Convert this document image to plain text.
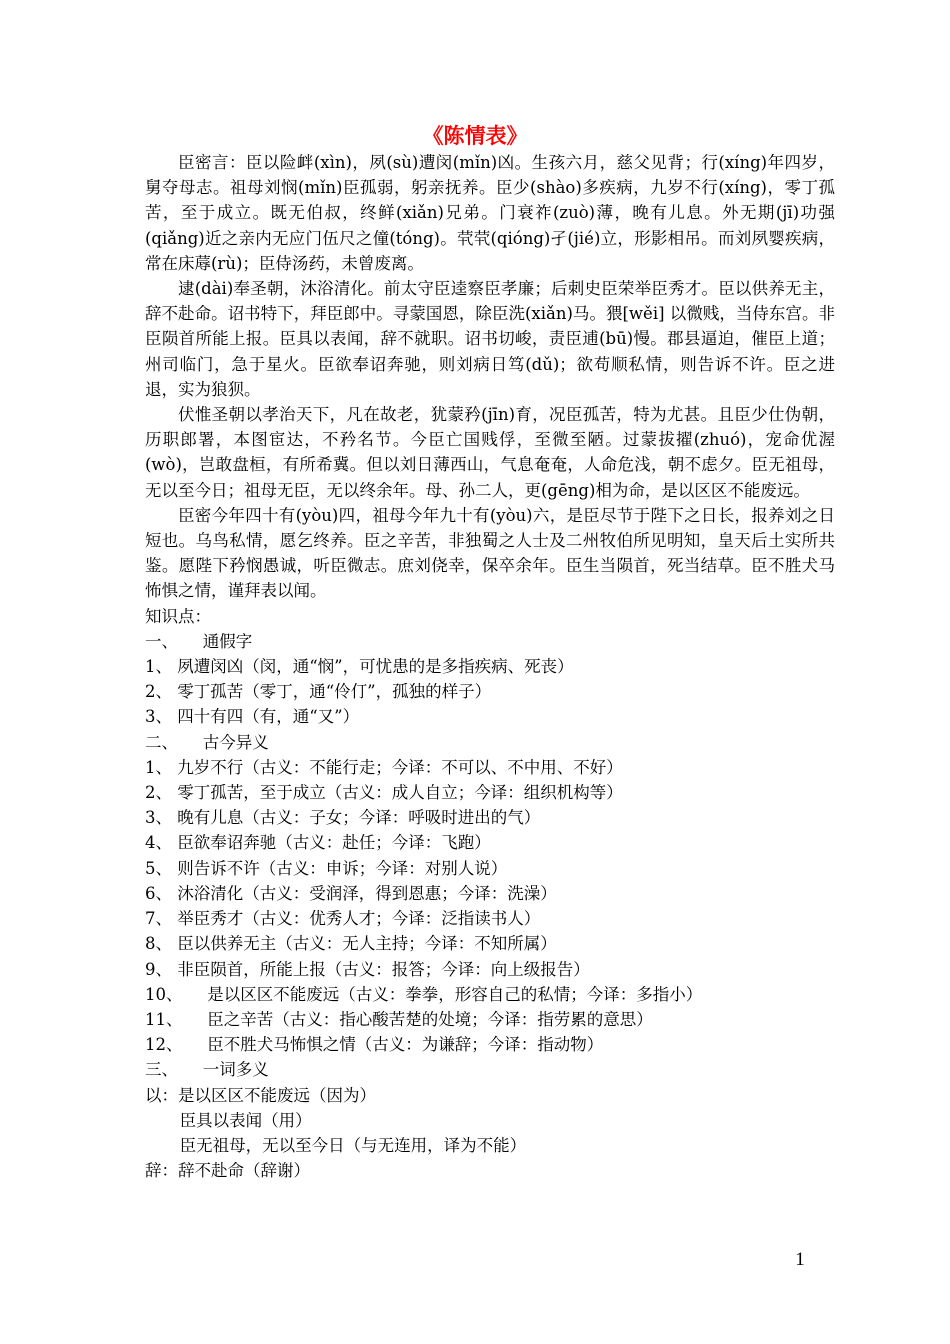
《陈情表》

臣密言：臣以险衅(xìn)，夙(sù)遭闵(mǐn)凶。生孩六月，慈父见背；行(xíng)年四岁，舅夺母志。祖母刘悯(mǐn)臣孤弱，躬亲抚养。臣少(shào)多疾病，九岁不行(xíng)，零丁孤苦，至于成立。既无伯叔，终鲜(xiǎn)兄弟。门衰祚(zuò)薄，晚有儿息。外无期(jī)功强(qiǎng)近之亲内无应门伍尺之僮(tóng)。茕茕(qióng)孑(jié)立，形影相吊。而刘夙婴疾病，常在床蓐(rù)；臣侍汤药，未曾废离。

逮(dài)奉圣朝，沐浴清化。前太守臣逵察臣孝廉；后刺史臣荣举臣秀才。臣以供养无主，辞不赴命。诏书特下，拜臣郎中。寻蒙国恩，除臣洗(xiǎn)马。猥[wěi] 以微贱，当侍东宫。非臣陨首所能上报。臣具以表闻，辞不就职。诏书切峻，责臣逋(bū)慢。郡县逼迫，催臣上道；州司临门，急于星火。臣欲奉诏奔驰，则刘病日笃(dǔ)；欲苟顺私情，则告诉不许。臣之进退，实为狼狈。

伏惟圣朝以孝治天下，凡在故老，犹蒙矜(jīn)育，况臣孤苦，特为尤甚。且臣少仕伪朝，历职郎署，本图宦达，不矜名节。今臣亡国贱俘，至微至陋。过蒙拔擢(zhuó)，宠命优渥(wò)，岂敢盘桓，有所希冀。但以刘日薄西山，气息奄奄，人命危浅，朝不虑夕。臣无祖母，无以至今日；祖母无臣，无以终余年。母、孙二人，更(gēng)相为命，是以区区不能废远。

臣密今年四十有(yòu)四，祖母今年九十有(yòu)六，是臣尽节于陛下之日长，报养刘之日短也。乌鸟私情，愿乞终养。臣之辛苦，非独蜀之人士及二州牧伯所见明知，皇天后土实所共鉴。愿陛下矜悯愚诚，听臣微志。庶刘侥幸，保卒余年。臣生当陨首，死当结草。臣不胜犬马怖惧之情，谨拜表以闻。

知识点：

一、　　通假字

1、 夙遭闵凶（闵，通“悯”，可忧患的是多指疾病、死丧）

2、 零丁孤苦（零丁，通“伶仃”，孤独的样子）

3、 四十有四（有，通“又”）

二、　　古今异义

1、 九岁不行（古义：不能行走；今译：不可以、不中用、不好）

2、 零丁孤苦，至于成立（古义：成人自立；今译：组织机构等）

3、 晚有儿息（古义：子女；今译：呼吸时进出的气）

4、 臣欲奉诏奔驰（古义：赴任；今译：飞跑）

5、 则告诉不许（古义：申诉；今译：对别人说）

6、 沐浴清化（古义：受润泽，得到恩惠；今译：洗澡）

7、 举臣秀才（古义：优秀人才；今译：泛指读书人）

8、 臣以供养无主（古义：无人主持；今译：不知所属）

9、 非臣陨首，所能上报（古义：报答；今译：向上级报告）

10、　　是以区区不能废远（古义：拳拳，形容自己的私情；今译：多指小）

11、　　臣之辛苦（古义：指心酸苦楚的处境；今译：指劳累的意思）

12、　　臣不胜犬马怖惧之情（古义：为谦辞；今译：指动物）

三、　　一词多义

以：是以区区不能废远（因为）

臣具以表闻（用）

臣无祖母，无以至今日（与无连用，译为不能）

辞：辞不赴命（辞谢）

1
